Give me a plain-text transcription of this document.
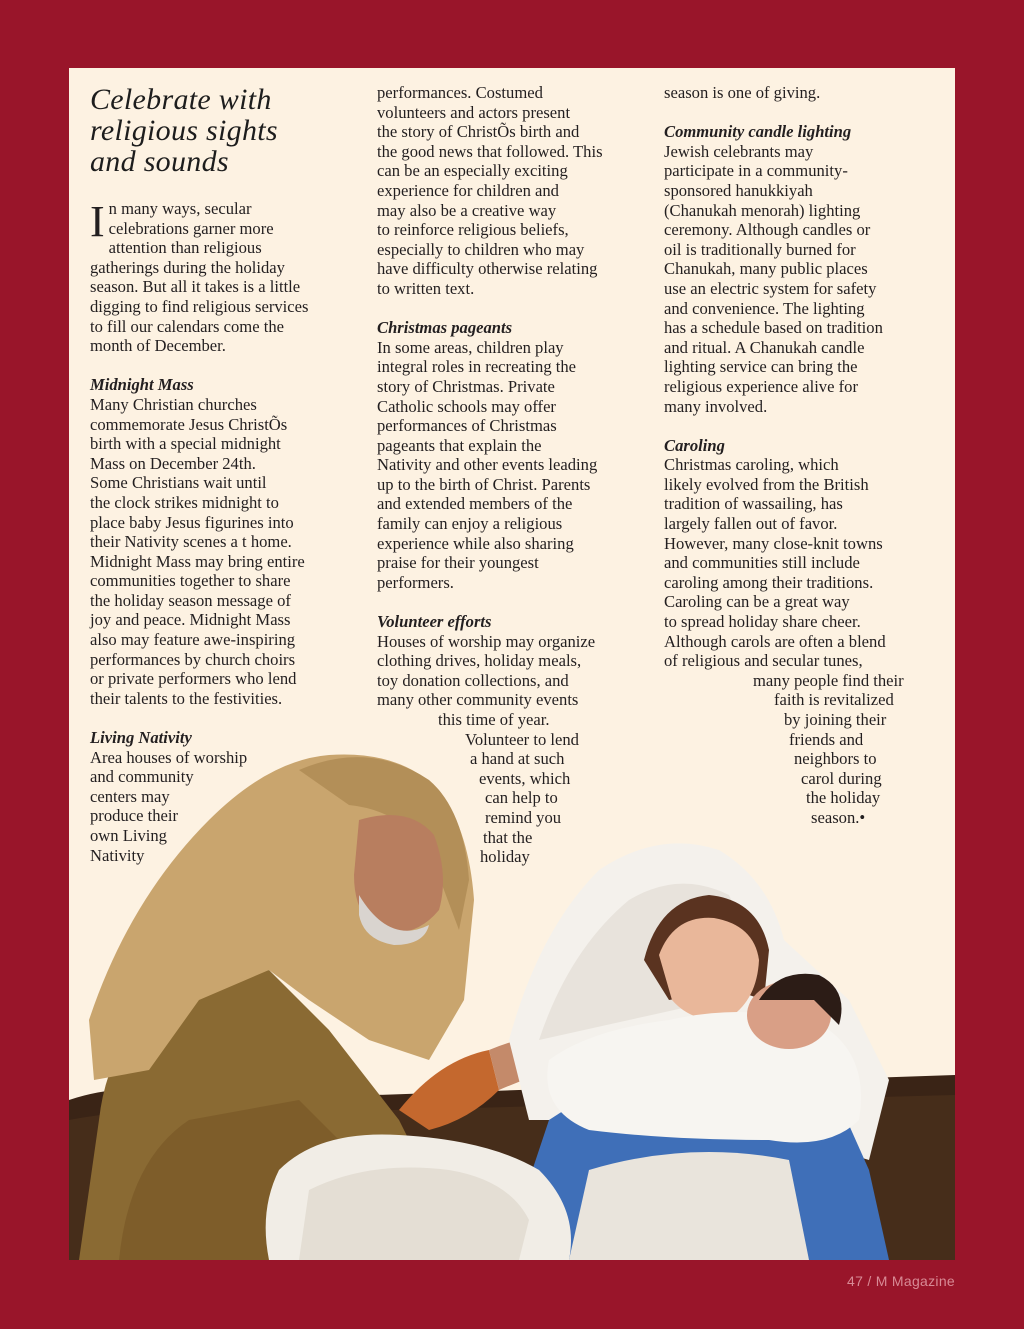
Celebrate with
religious sights
and sounds
I n many ways, secular
celebrations garner more
attention than religious
gatherings during the holiday
season. But all it takes is a little
digging to find religious services
to fill our calendars come the
month of December.
Midnight Mass
Many Christian churches
commemorate Jesus ChristÕs
birth with a special midnight
Mass on December 24th.
Some Christians wait until
the clock strikes midnight to
place baby Jesus figurines into
their Nativity scenes a t home.
Midnight Mass may bring entire
communities together to share
the holiday season message of
joy and peace. Midnight Mass
also may feature awe-inspiring
performances by church choirs
or private performers who lend
their talents to the festivities.
Living Nativity
Area houses of worship
and community
centers may
produce their
own Living
Nativity
performances. Costumed
volunteers and actors present
the story of ChristÕs birth and
the good news that followed. This
can be an especially exciting
experience for children and
may also be a creative way
to reinforce religious beliefs,
especially to children who may
have difficulty otherwise relating
to written text.
Christmas pageants
In some areas, children play
integral roles in recreating the
story of Christmas. Private
Catholic schools may offer
performances of Christmas
pageants that explain the
Nativity and other events leading
up to the birth of Christ. Parents
and extended members of the
family can enjoy a religious
experience while also sharing
praise for their youngest
performers.
Volunteer efforts
Houses of worship may organize
clothing drives, holiday meals,
toy donation collections, and
many other community events
this time of year.
Volunteer to lend
a hand at such
events, which
can help to
remind you
that the
holiday
season is one of giving.
Community candle lighting
Jewish celebrants may
participate in a community-
sponsored hanukkiyah
(Chanukah menorah) lighting
ceremony. Although candles or
oil is traditionally burned for
Chanukah, many public places
use an electric system for safety
and convenience. The lighting
has a schedule based on tradition
and ritual. A Chanukah candle
lighting service can bring the
religious experience alive for
many involved.
Caroling
Christmas caroling, which
likely evolved from the British
tradition of wassailing, has
largely fallen out of favor.
However, many close-knit towns
and communities still include
caroling among their traditions.
Caroling can be a great way
to spread holiday share cheer.
Although carols are often a blend
of religious and secular tunes,
many people find their
faith is revitalized
by joining their
friends and
neighbors to
carol during
the holiday
season.•
47 / M Magazine
